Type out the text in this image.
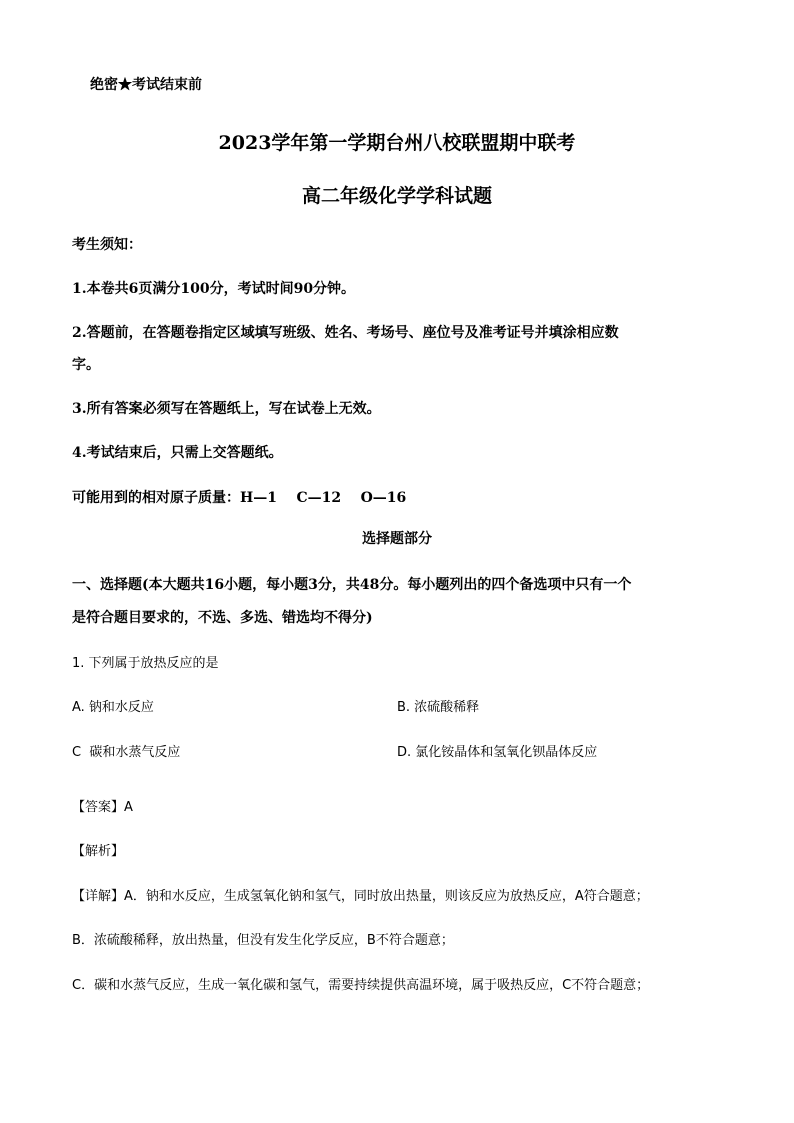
绝密★考试结束前
2023学年第一学期台州八校联盟期中联考
高二年级化学学科试题
考生须知：
1.本卷共6页满分100分，考试时间90分钟。
2.答题前，在答题卷指定区域填写班级、姓名、考场号、座位号及准考证号并填涂相应数
字。
3.所有答案必须写在答题纸上，写在试卷上无效。
4.考试结束后，只需上交答题纸。
可能用到的相对原子质量：H—1    C—12    O—16
选择题部分
一、选择题(本大题共16小题，每小题3分，共48分。每小题列出的四个备选项中只有一个
是符合题目要求的，不选、多选、错选均不得分)
1. 下列属于放热反应的是
A. 钠和水反应	B. 浓硫酸稀释
C  碳和水蒸气反应	D. 氯化铵晶体和氢氧化钡晶体反应
【答案】A
【解析】
【详解】A．钠和水反应，生成氢氧化钠和氢气，同时放出热量，则该反应为放热反应，A符合题意；
B．浓硫酸稀释，放出热量，但没有发生化学反应，B不符合题意；
C．碳和水蒸气反应，生成一氧化碳和氢气，需要持续提供高温环境，属于吸热反应，C不符合题意；
